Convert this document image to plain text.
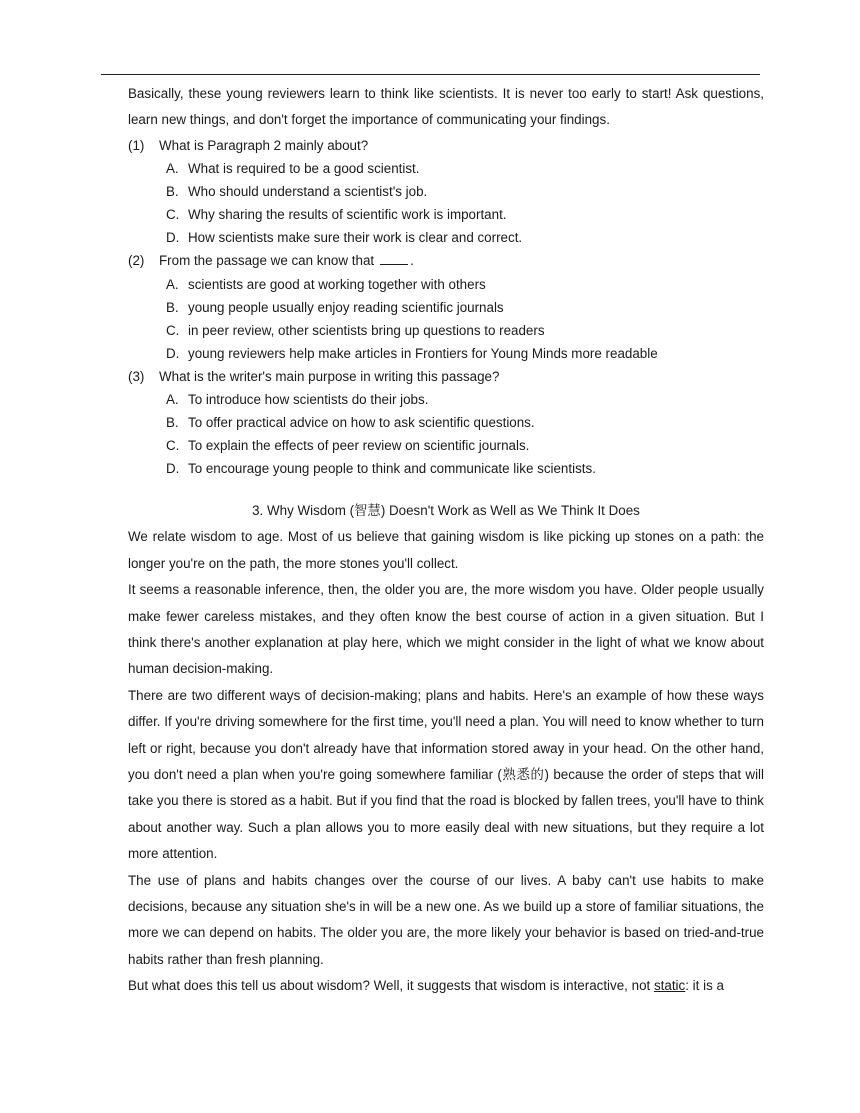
Basically, these young reviewers learn to think like scientists. It is never too early to start! Ask questions, learn new things, and don't forget the importance of communicating your findings.

(1)	What is Paragraph 2 mainly about?
A. What is required to be a good scientist.
B. Who should understand a scientist's job.
C. Why sharing the results of scientific work is important.
D. How scientists make sure their work is clear and correct.
(2)	From the passage we can know that	.
A. scientists are good at working together with others
B. young people usually enjoy reading scientific journals
C. in peer review, other scientists bring up questions to readers
D. young reviewers help make articles in Frontiers for Young Minds more readable
(3)	What is the writer's main purpose in writing this passage?
A. To introduce how scientists do their jobs.
B. To offer practical advice on how to ask scientific questions.
C. To explain the effects of peer review on scientific journals.
D. To encourage young people to think and communicate like scientists.
3. Why Wisdom (智慧) Doesn't Work as Well as We Think It Does

We relate wisdom to age. Most of us believe that gaining wisdom is like picking up stones on a path: the longer you're on the path, the more stones you'll collect.

It seems a reasonable inference, then, the older you are, the more wisdom you have. Older people usually make fewer careless mistakes, and they often know the best course of action in a given situation. But I think there's another explanation at play here, which we might consider in the light of what we know about human decision-making.

There are two different ways of decision-making; plans and habits. Here's an example of how these ways differ. If you're driving somewhere for the first time, you'll need a plan. You will need to know whether to turn left or right, because you don't already have that information stored away in your head. On the other hand, you don't need a plan when you're going somewhere familiar (熟悉的) because the order of steps that will take you there is stored as a habit. But if you find that the road is blocked by fallen trees, you'll have to think about another way. Such a plan allows you to more easily deal with new situations, but they require a lot more attention.

The use of plans and habits changes over the course of our lives. A baby can't use habits to make decisions, because any situation she's in will be a new one. As we build up a store of familiar situations, the more we can depend on habits. The older you are, the more likely your behavior is based on tried-and-true habits rather than fresh planning.

But what does this tell us about wisdom? Well, it suggests that wisdom is interactive, not static: it is a
